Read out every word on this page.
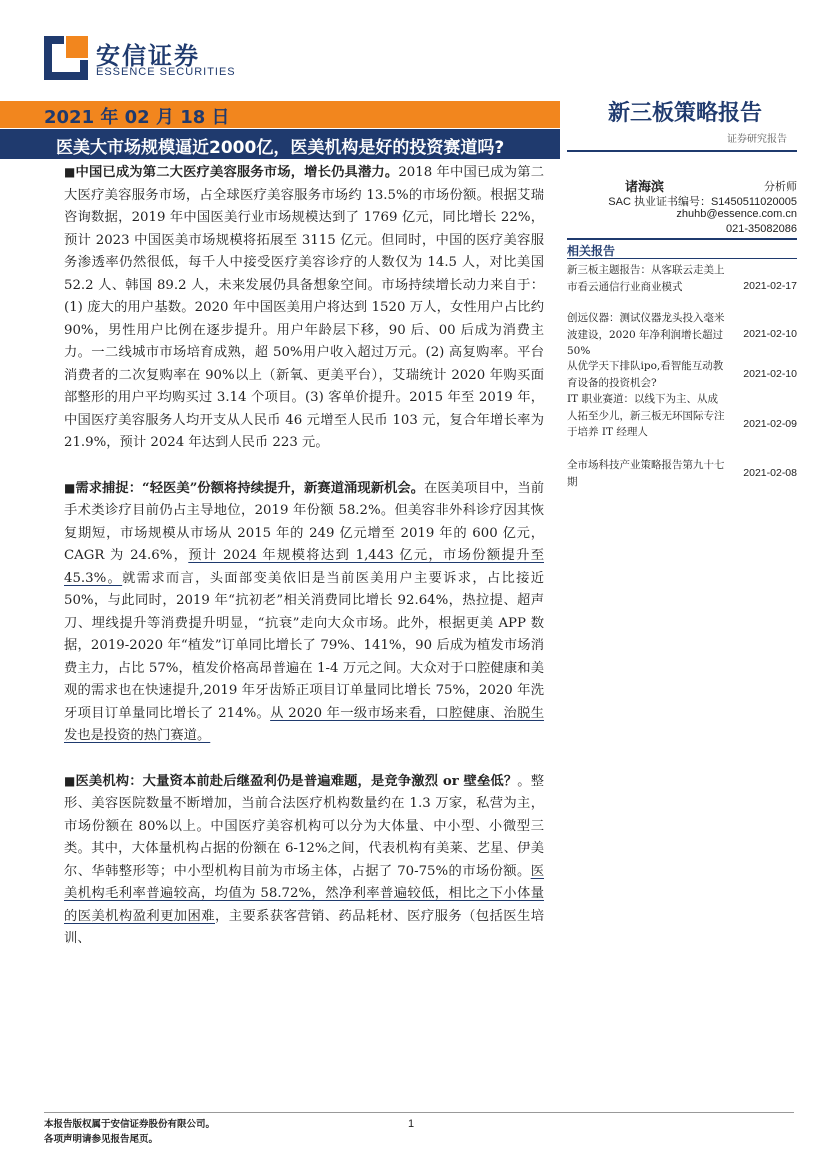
安信证券
ESSENCE SECURITIES
2021 年 02 月 18 日
医美大市场规模逼近2000亿，医美机构是好的投资赛道吗?
新三板策略报告
证券研究报告
诸海滨	分析师
SAC 执业证书编号：S1450511020005
zhuhb@essence.com.cn
021-35082086
相关报告
新三板主题报告：从客联云走美上市看云通信行业商业模式	2021-02-17
创远仪器：测试仪器龙头投入毫米波建设，2020 年净利润增长超过 50%
2021-02-10
从优学天下排队ipo,看智能互动教育设备的投资机会?
2021-02-10
IT 职业赛道：以线下为主、从成人拓至少儿，新三板无环国际专注于培养 IT 经理人
2021-02-09
全市场科技产业策略报告第九十七期
2021-02-08

■中国已成为第二大医疗美容服务市场，增长仍具潜力。2018 年中国已成为第二大医疗美容服务市场，占全球医疗美容服务市场约 13.5%的市场份额。根据艾瑞咨询数据，2019 年中国医美行业市场规模达到了 1769 亿元，同比增长 22%，预计 2023 中国医美市场规模将拓展至 3115 亿元。但同时，中国的医疗美容服务渗透率仍然很低，每千人中接受医疗美容诊疗的人数仅为 14.5 人，对比美国 52.2 人、韩国 89.2 人，未来发展仍具备想象空间。市场持续增长动力来自于：(1) 庞大的用户基数。2020 年中国医美用户将达到 1520 万人，女性用户占比约 90%，男性用户比例在逐步提升。用户年龄层下移，90 后、00 后成为消费主力。一二线城市市场培育成熟，超 50%用户收入超过万元。(2) 高复购率。平台消费者的二次复购率在 90%以上（新氧、更美平台），艾瑞统计 2020 年购买面部整形的用户平均购买过 3.14 个项目。(3) 客单价提升。2015 年至 2019 年，中国医疗美容服务人均开支从人民币 46 元增至人民币 103 元，复合年增长率为 21.9%，预计 2024 年达到人民币 223 元。

■需求捕捉：“轻医美”份额将持续提升，新赛道涌现新机会。在医美项目中，当前手术类诊疗目前仍占主导地位，2019 年份额 58.2%。但美容非外科诊疗因其恢复期短，市场规模从市场从 2015 年的 249 亿元增至 2019 年的 600 亿元，CAGR 为 24.6%，预计 2024 年规模将达到 1,443 亿元，市场份额提升至 45.3%。就需求而言，头面部变美依旧是当前医美用户主要诉求，占比接近 50%，与此同时，2019 年“抗初老”相关消费同比增长 92.64%，热拉提、超声刀、埋线提升等消费提升明显，“抗衰”走向大众市场。此外，根据更美 APP 数据，2019-2020 年“植发”订单同比增长了 79%、141%，90 后成为植发市场消费主力，占比 57%，植发价格高昂普遍在 1-4 万元之间。大众对于口腔健康和美观的需求也在快速提升,2019 年牙齿矫正项目订单量同比增长 75%，2020 年洗牙项目订单量同比增长了 214%。从 2020 年一级市场来看，口腔健康、治脱生发也是投资的热门赛道。

■医美机构：大量资本前赴后继盈利仍是普遍难题，是竞争激烈 or 壁垒低？。整形、美容医院数量不断增加，当前合法医疗机构数量约在 1.3 万家，私营为主，市场份额在 80%以上。中国医疗美容机构可以分为大体量、中小型、小微型三类。其中，大体量机构占据的份额在 6-12%之间，代表机构有美莱、艺星、伊美尔、华韩整形等；中小型机构目前为市场主体，占据了 70-75%的市场份额。医美机构毛利率普遍较高，均值为 58.72%，然净利率普遍较低，相比之下小体量的医美机构盈利更加困难，主要系获客营销、药品耗材、医疗服务（包括医生培训、

本报告版权属于安信证券股份有限公司。
各项声明请参见报告尾页。
1
